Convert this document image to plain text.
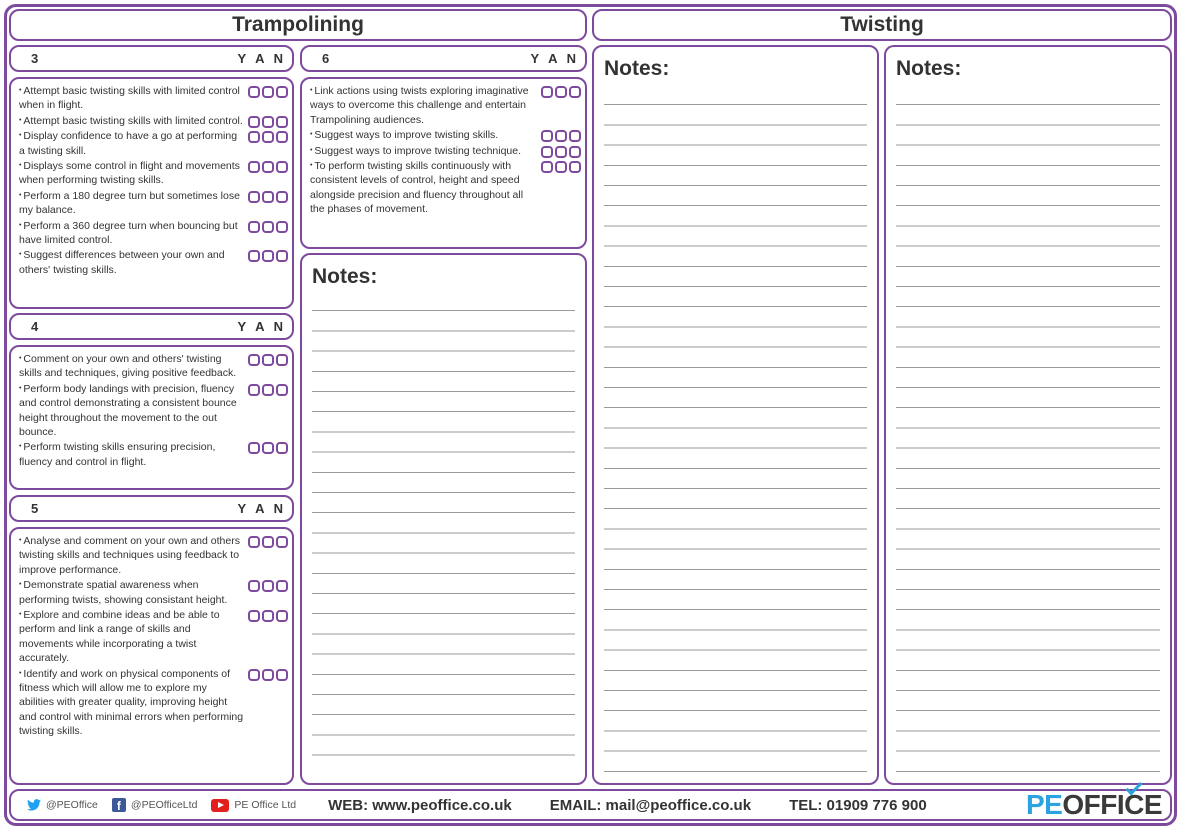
Trampolining	Twisting
3	Y A N
• Attempt basic twisting skills with limited control when in flight.
• Attempt basic twisting skills with limited control.
• Display confidence to have a go at performing a twisting skill.
• Displays some control in flight and movements when performing twisting skills.
• Perform a 180 degree turn but sometimes lose my balance.
• Perform a 360 degree turn when bouncing but have limited control.
• Suggest differences between your own and others' twisting skills.
4	Y A N
• Comment on your own and others' twisting skills and techniques, giving positive feedback.
• Perform body landings with precision, fluency and control demonstrating a consistent bounce height throughout the movement to the out bounce.
• Perform twisting skills ensuring precision, fluency and control in flight.
5	Y A N
• Analyse and comment on your own and others twisting skills and techniques using feedback to improve performance.
• Demonstrate spatial awareness when performing twists, showing consistant height.
• Explore and combine ideas and be able to perform and link a range of skills and movements while incorporating a twist accurately.
• Identify and work on physical components of fitness which will allow me to explore my abilities with greater quality, improving height and control with minimal errors when performing twisting skills.
6	Y A N
• Link actions using twists exploring imaginative ways to overcome this challenge and entertain Trampolining audiences.
• Suggest ways to improve twisting skills.
• Suggest ways to improve twisting technique.
• To perform twisting skills continuously with consistent levels of control, height and speed alongside precision and fluency throughout all the phases of movement.
Notes:
Notes:	Notes:
@PEOffice	f @PEOfficeLtd	PE Office Ltd WEB: www.peoffice.co.uk	EMAIL: mail@peoffice.co.uk	TEL: 01909 776 900	PEOFFICE
